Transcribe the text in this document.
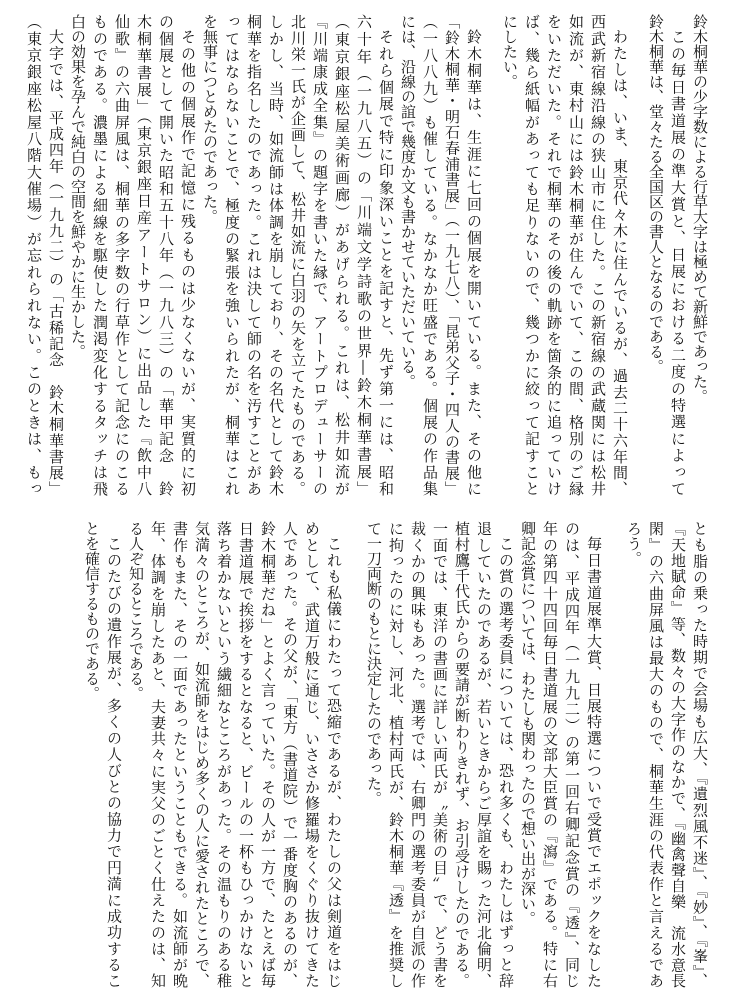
鈴木桐華の少字数による行草大字は極めて新鮮であった。
この毎日書道展の準大賞と、日展における二度の特選によって
鈴木桐華は、堂々たる全国区の書人となるのである。
わたしは、いま、東京代々木に住んでいるが、過去二十六年間、
西武新宿線沿線の狭山市に住した。この新宿線の武蔵関には松井
如流が、東村山には鈴木桐華が住んでいて、この間、格別のご縁
をいただいた。それで桐華のその後の軌跡を箇条的に追っていけ
ば、幾ら紙幅があっても足りないので、幾つかに絞って記すこと
にしたい。
鈴木桐華は、生涯に七回の個展を開いている。また、その他に
「鈴木桐華・明石春浦書展」（一九七八）、「昆弟父子・四人の書展」
（一八八九）も催している。なかなか旺盛である。個展の作品集
には、沿線の誼で幾度か文も書かせていただいている。
それら個展で特に印象深いことを記すと、先ず第一には、昭和
六十年（一九八五）の「川端文学詩歌の世界―鈴木桐華書展」
（東京銀座松屋美術画廊）があげられる。これは、松井如流が
『川端康成全集』の題字を書いた縁で、アートプロデューサーの
北川栄一氏が企画して、松井如流に白羽の矢を立てたものである。
しかし、当時、如流師は体調を崩しており、その名代として鈴木
桐華を指名したのであった。これは決して師の名を汚すことがあ
ってはならないことで、極度の緊張を強いられたが、桐華はこれ
を無事につとめたのであった。
その他の個展作で記憶に残るものは少なくないが、実質的に初
の個展として開いた昭和五十八年（一九八三）の「華甲記念　鈴
木桐華書展」（東京銀座日産アートサロン）に出品した『飲中八
仙歌』の六曲屏風は、桐華の多字数の行草作として記念にのこる
ものである。濃墨による細線を駆使した潤渇変化するタッチは飛
白の効果を孕んで純白の空間を鮮やかに生かした。
大字では、平成四年（一九九二）の「古稀記念　鈴木桐華書展」
（東京銀座松屋八階大催場）が忘れられない。このときは、もっ
とも脂の乗った時期で会場も広大、『遺烈風不迷』、『妙』、『峯』、
『天地賦命』等、数々の大字作のなかで、『幽禽聲自樂　流水意長
閑』の六曲屏風は最大のもので、桐華生涯の代表作と言えるであ
ろう。
毎日書道展準大賞、日展特選についで受賞でエポックをなした
のは、平成四年（一九九二）の第一回右卿記念賞の『透』、同じ
年の第四十四回毎日書道展の文部大臣賞の『瀉』である。特に右
卿記念賞については、わたしも関わったので想い出が深い。
この賞の選考委員については、恐れ多くも、わたしはずっと辞
退していたのであるが、若いときからご厚誼を賜った河北倫明、
植村鷹千代氏からの要請が断わりきれず、お引受けしたのである。
一面では、東洋の書画に詳しい両氏が〝美術の目〟で、どう書を
裁くかの興味もあった。選考では、右卿門の選考委員が自派の作
に拘ったのに対し、河北、植村両氏が、鈴木桐華『透』を推奨し
て一刀両断のもとに決定したのであった。
これも私儀にわたって恐縮であるが、わたしの父は剣道をはじ
めとして、武道万般に通じ、いささか修羅場をくぐり抜けてきた
人であった。その父が、「東方（書道院）で一番度胸のあるのが、
鈴木桐華だね」とよく言っていた。その人が一方で、たとえば毎
日書道展で挨拶をするとなると、ビールの一杯もひっかけないと
落ち着かないという繊細なところがあった。その温もりのある稚
気満々のところが、如流師をはじめ多くの人に愛されたところで、
書作もまた、その一面であったということもできる。如流師が晩
年、体調を崩したあと、夫妻共々に実父のごとく仕えたのは、知
る人ぞ知るところである。
このたびの遺作展が、多くの人びとの協力で円満に成功するこ
とを確信するものである。
